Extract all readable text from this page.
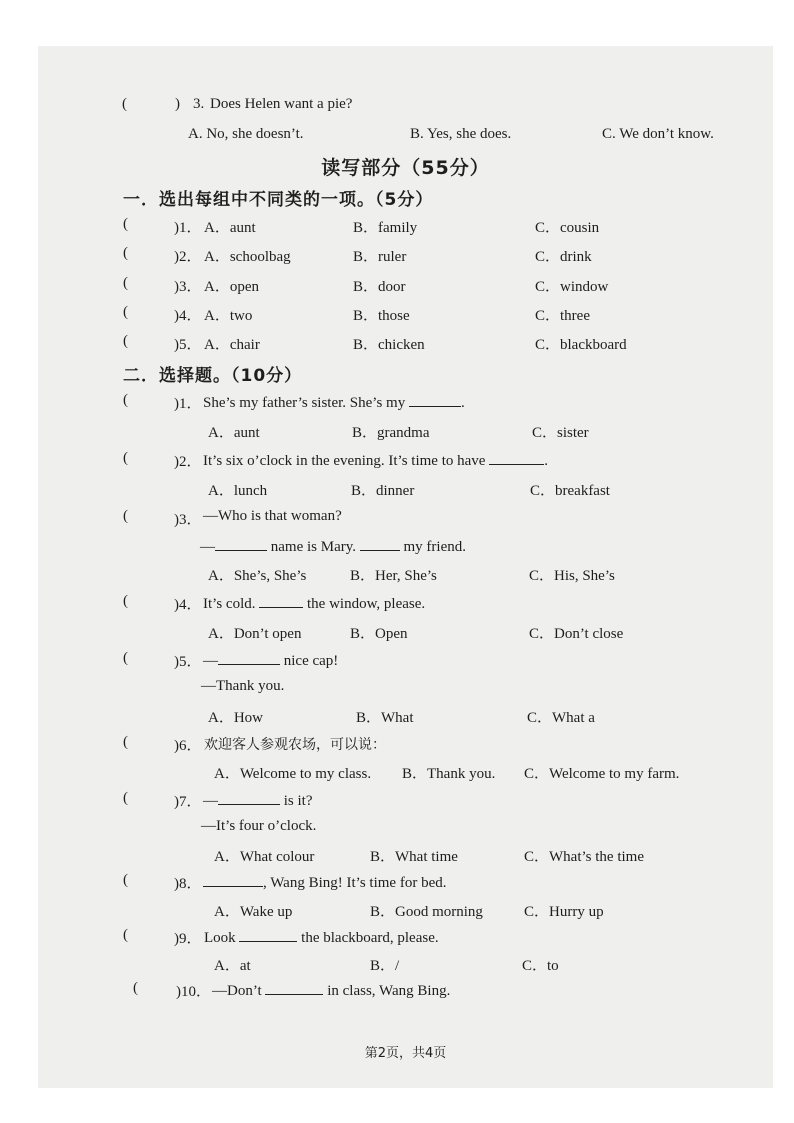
(
) 3. Does Helen want a pie?
A. No, she doesn’t.	B. Yes, she does.	C. We don’t know.
读写部分（55分）
一．选出每组中不同类的一项。（5分）
(
)1． A．aunt	B．family	C．cousin
(
)2． A．schoolbag	B．ruler	C．drink
(
)3． A．open	B．door	C．window
(
)4． A．two	B．those	C．three
(
)5． A．chair	B．chicken	C．blackboard
二．选择题。（10分）
(
)1． She’s my father’s sister. She’s my	.
A．aunt	B．grandma	C．sister
(
)2． It’s six o’clock in the evening. It’s time to have	.
A．lunch	B．dinner	C．breakfast
(
)3． —Who is that woman?
—	name is Mary.	my friend.
A．She’s, She’s	B．Her, She’s	C．His, She’s
(
)4． It’s cold.	the window, please.
A．Don’t open	B．Open	C．Don’t close
(
)5． —	nice cap!
—Thank you.
A．How	B．What	C．What a
(
)6． 欢迎客人参观农场，可以说：
A．Welcome to my class. B．Thank you. C．Welcome to my farm.
(
)7． —	is it?
—It’s four o’clock.
A．What colour	B．What time	C．What’s the time
(
)8．	, Wang Bing! It’s time for bed.
A．Wake up	B．Good morning	C．Hurry up
(
)9． Look	the blackboard, please.
A．at	B．/	C．to
(
)10． —Don’t	in class, Wang Bing.
第2页，共4页
